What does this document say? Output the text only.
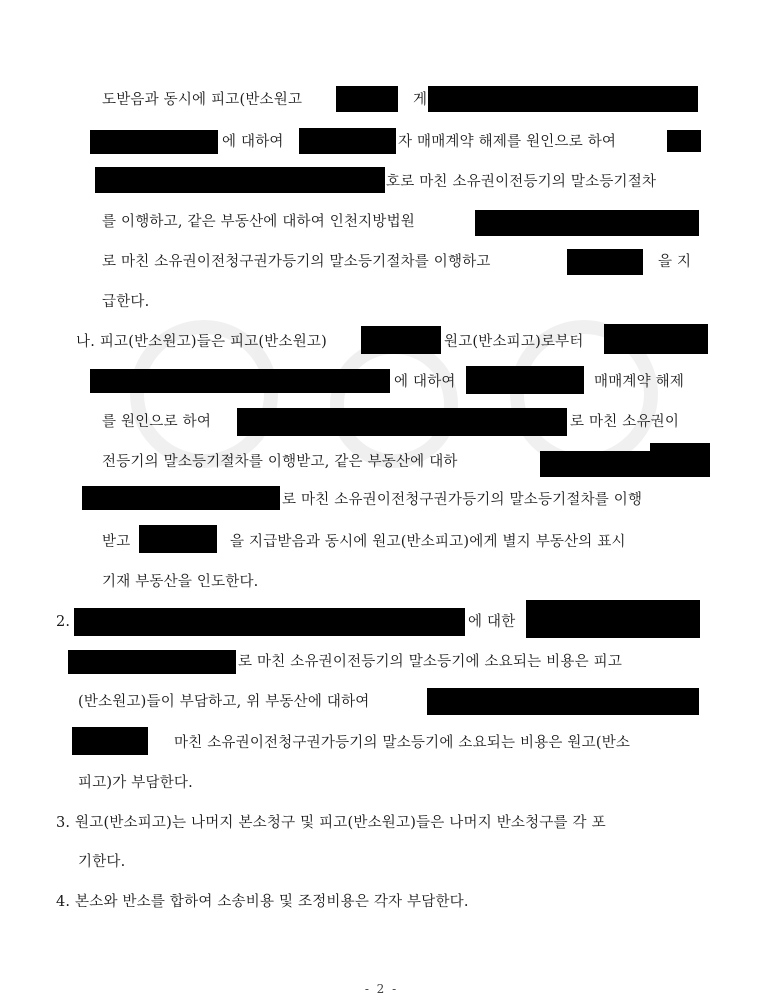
도받음과 동시에 피고(반소원고	게
에 대하여	자 매매계약 해제를 원인으로 하여
호로 마친 소유권이전등기의 말소등기절차
를 이행하고, 같은 부동산에 대하여 인천지방법원
로 마친 소유권이전청구권가등기의 말소등기절차를 이행하고	을 지
급한다.
나. 피고(반소원고)들은 피고(반소원고)	원고(반소피고)로부터
에 대하여	매매계약 해제
를 원인으로 하여	로 마친 소유권이
전등기의 말소등기절차를 이행받고, 같은 부동산에 대하
로 마친 소유권이전청구권가등기의 말소등기절차를 이행
받고	을 지급받음과 동시에 원고(반소피고)에게 별지 부동산의 표시
기재 부동산을 인도한다.
2.	에 대한
로 마친 소유권이전등기의 말소등기에 소요되는 비용은 피고
(반소원고)들이 부담하고, 위 부동산에 대하여
마친 소유권이전청구권가등기의 말소등기에 소요되는 비용은 원고(반소
피고)가 부담한다.
3. 원고(반소피고)는 나머지 본소청구 및 피고(반소원고)들은 나머지 반소청구를 각 포
기한다.
4. 본소와 반소를 합하여 소송비용 및 조정비용은 각자 부담한다.
- 2 -
